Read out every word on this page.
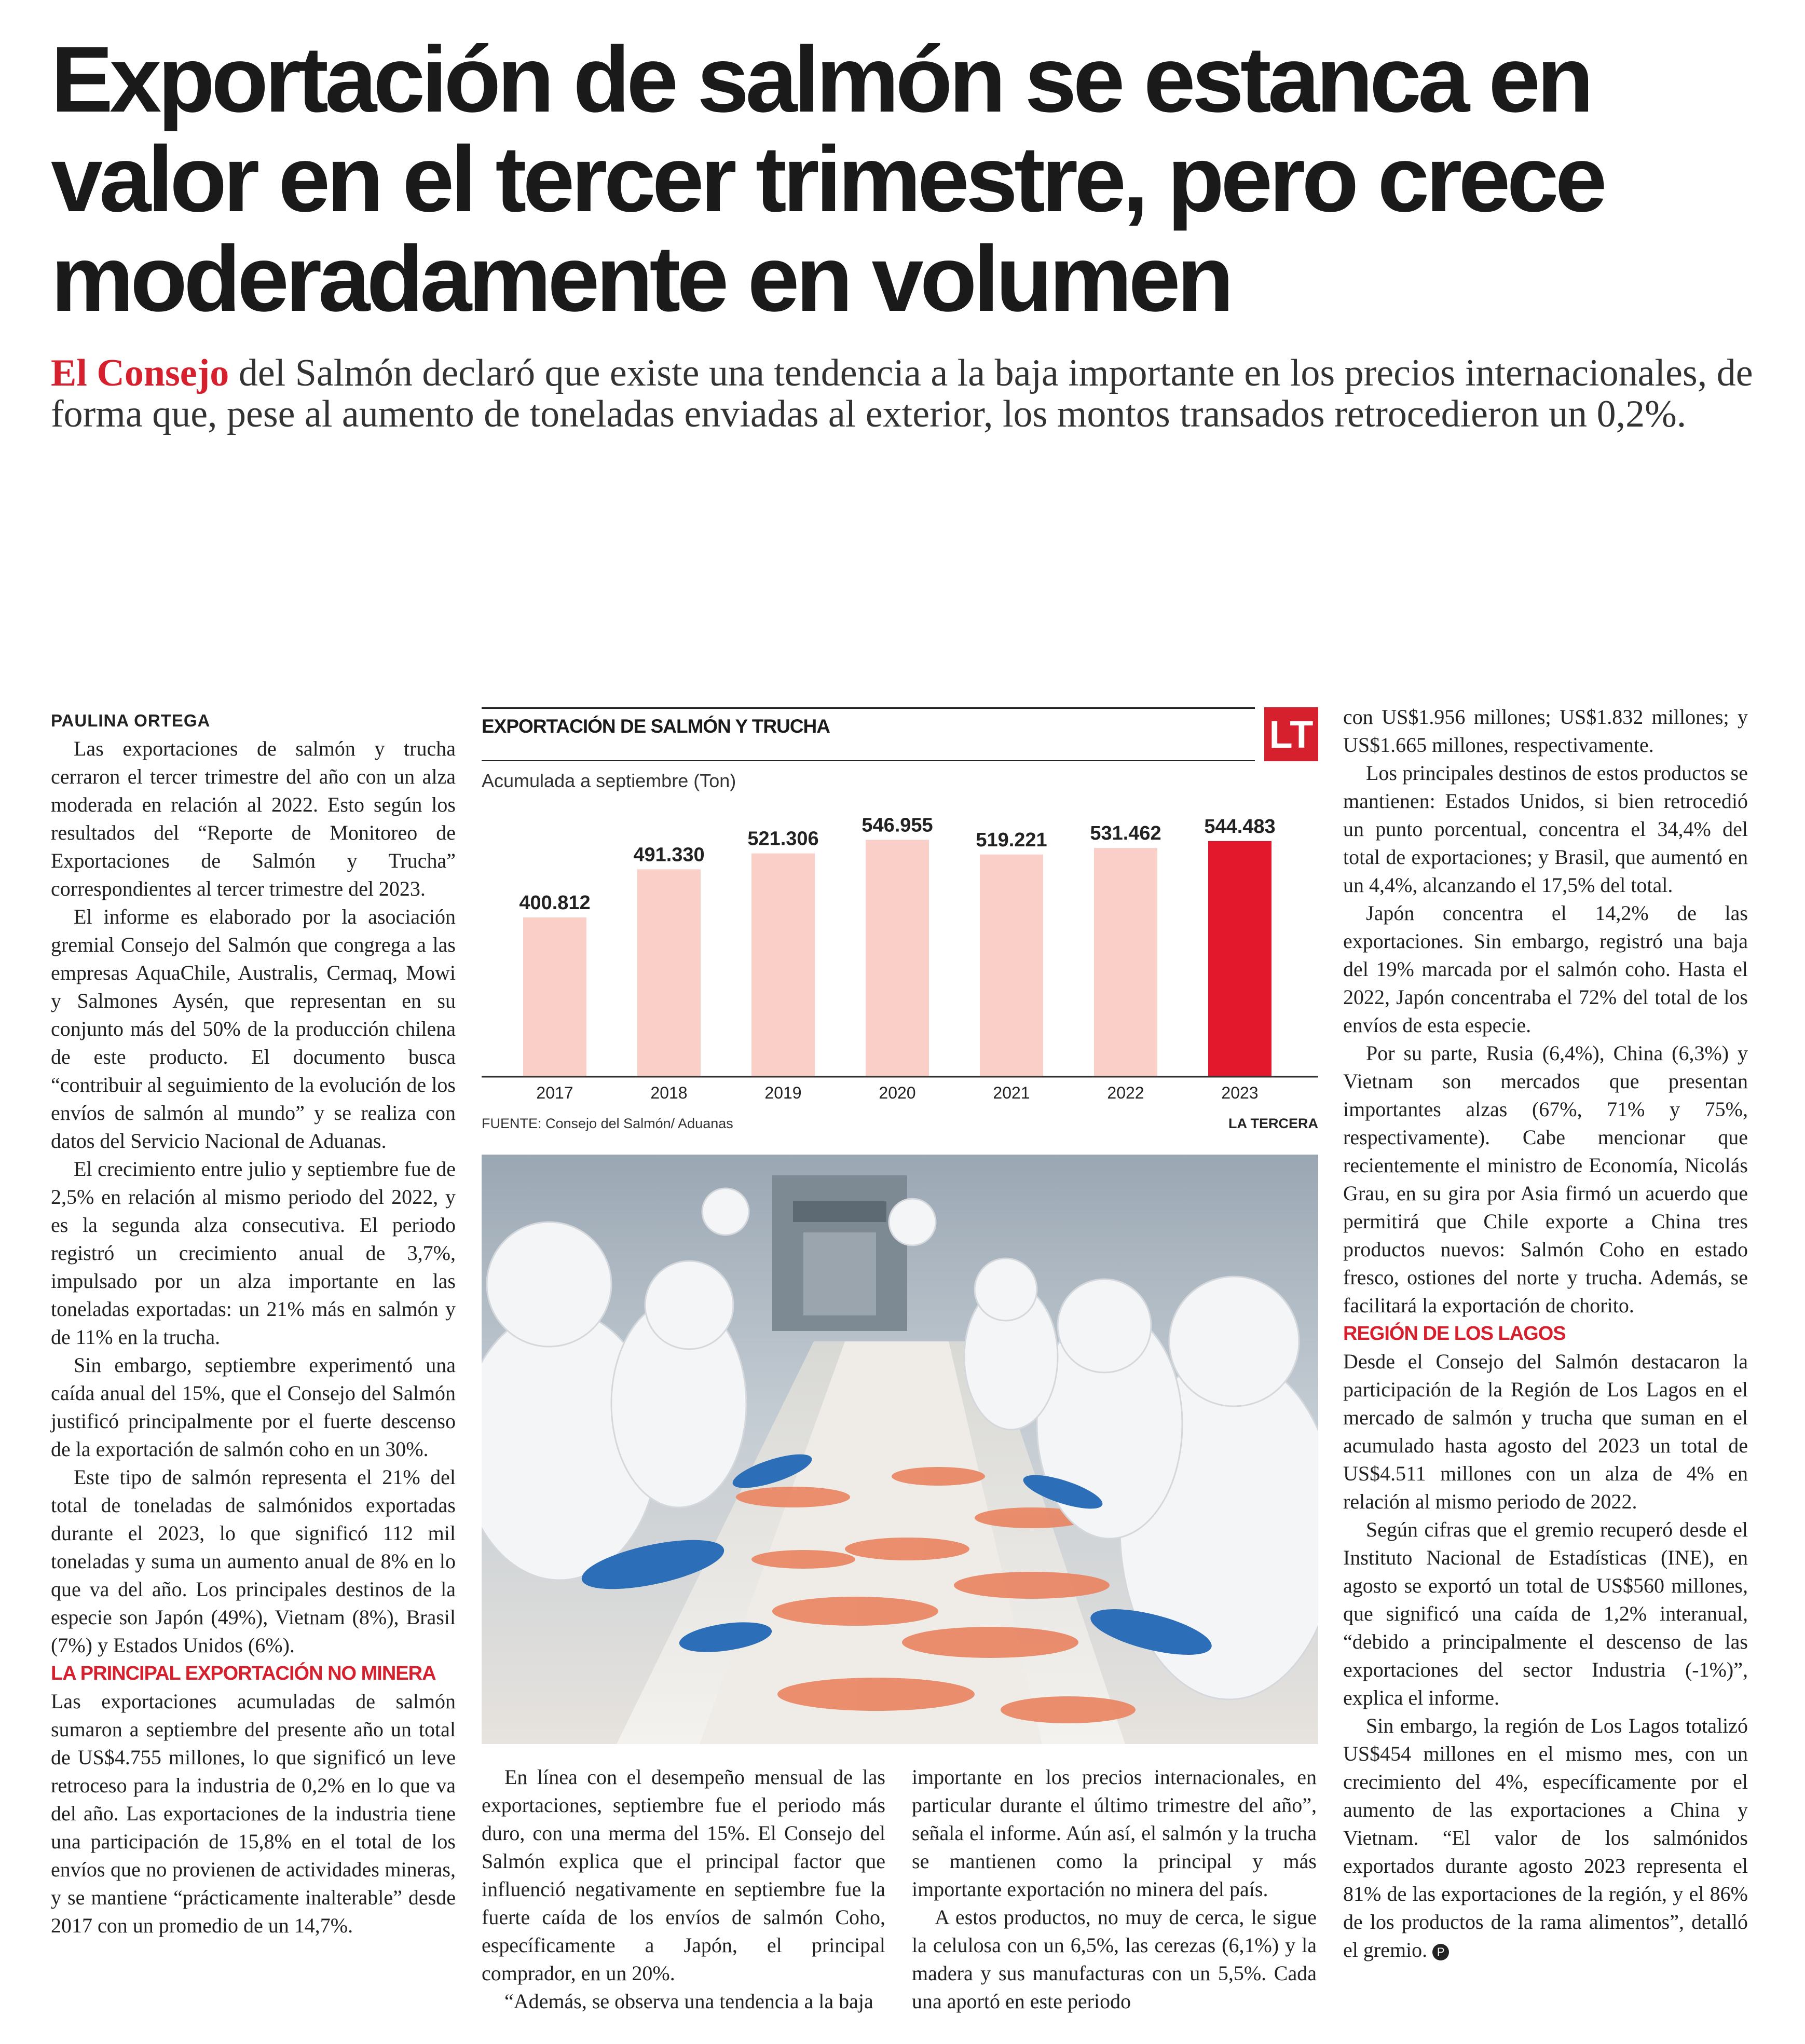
Exportación de salmón se estanca en valor en el tercer trimestre, pero crece moderadamente en volumen

El Consejo del Salmón declaró que existe una tendencia a la baja importante en los precios internacionales, de forma que, pese al aumento de toneladas enviadas al exterior, los montos transados retrocedieron un 0,2%.

PAULINA ORTEGA

Las exportaciones de salmón y trucha cerraron el tercer trimestre del año con un alza moderada en relación al 2022. Esto según los resultados del “Reporte de Monitoreo de Exportaciones de Salmón y Trucha” correspondientes al tercer trimestre del 2023.

El informe es elaborado por la asociación gremial Consejo del Salmón que congrega a las empresas AquaChile, Australis, Cermaq, Mowi y Salmones Aysén, que representan en su conjunto más del 50% de la producción chilena de este producto. El documento busca “contribuir al seguimiento de la evolución de los envíos de salmón al mundo” y se realiza con datos del Servicio Nacional de Aduanas.

El crecimiento entre julio y septiembre fue de 2,5% en relación al mismo periodo del 2022, y es la segunda alza consecutiva. El periodo registró un crecimiento anual de 3,7%, impulsado por un alza importante en las toneladas exportadas: un 21% más en salmón y de 11% en la trucha.

Sin embargo, septiembre experimentó una caída anual del 15%, que el Consejo del Salmón justificó principalmente por el fuerte descenso de la exportación de salmón coho en un 30%.

Este tipo de salmón representa el 21% del total de toneladas de salmónidos exportadas durante el 2023, lo que significó 112 mil toneladas y suma un aumento anual de 8% en lo que va del año. Los principales destinos de la especie son Japón (49%), Vietnam (8%), Brasil (7%) y Estados Unidos (6%).

LA PRINCIPAL EXPORTACIÓN NO MINERA

Las exportaciones acumuladas de salmón sumaron a septiembre del presente año un total de US$4.755 millones, lo que significó un leve retroceso para la industria de 0,2% en lo que va del año. Las exportaciones de la industria tiene una participación de 15,8% en el total de los envíos que no provienen de actividades mineras, y se mantiene “prácticamente inalterable” desde 2017 con un promedio de un 14,7%.

EXPORTACIÓN DE SALMÓN Y TRUCHA	LT
Acumulada a septiembre (Ton)
400.812
2017
491.330
2018
521.306
2019
546.955
2020
519.221
2021
531.462
2022
544.483
2023

FUENTE: Consejo del Salmón/ Aduanas	LA TERCERA

En línea con el desempeño mensual de las exportaciones, septiembre fue el periodo más duro, con una merma del 15%. El Consejo del Salmón explica que el principal factor que influenció negativamente en septiembre fue la fuerte caída de los envíos de salmón Coho, específicamente a Japón, el principal comprador, en un 20%.

“Además, se observa una tendencia a la baja

importante en los precios internacionales, en particular durante el último trimestre del año”, señala el informe. Aún así, el salmón y la trucha se mantienen como la principal y más importante exportación no minera del país.

A estos productos, no muy de cerca, le sigue la celulosa con un 6,5%, las cerezas (6,1%) y la madera y sus manufacturas con un 5,5%. Cada una aportó en este periodo

con US$1.956 millones; US$1.832 millones; y US$1.665 millones, respectivamente.

Los principales destinos de estos productos se mantienen: Estados Unidos, si bien retrocedió un punto porcentual, concentra el 34,4% del total de exportaciones; y Brasil, que aumentó en un 4,4%, alcanzando el 17,5% del total.

Japón concentra el 14,2% de las exportaciones. Sin embargo, registró una baja del 19% marcada por el salmón coho. Hasta el 2022, Japón concentraba el 72% del total de los envíos de esta especie.

Por su parte, Rusia (6,4%), China (6,3%) y Vietnam son mercados que presentan importantes alzas (67%, 71% y 75%, respectivamente). Cabe mencionar que recientemente el ministro de Economía, Nicolás Grau, en su gira por Asia firmó un acuerdo que permitirá que Chile exporte a China tres productos nuevos: Salmón Coho en estado fresco, ostiones del norte y trucha. Además, se facilitará la exportación de chorito.

REGIÓN DE LOS LAGOS

Desde el Consejo del Salmón destacaron la participación de la Región de Los Lagos en el mercado de salmón y trucha que suman en el acumulado hasta agosto del 2023 un total de US$4.511 millones con un alza de 4% en relación al mismo periodo de 2022.

Según cifras que el gremio recuperó desde el Instituto Nacional de Estadísticas (INE), en agosto se exportó un total de US$560 millones, que significó una caída de 1,2% interanual, “debido a principalmente el descenso de las exportaciones del sector Industria (-1%)”, explica el informe.

Sin embargo, la región de Los Lagos totalizó US$454 millones en el mismo mes, con un crecimiento del 4%, específicamente por el aumento de las exportaciones a China y Vietnam. “El valor de los salmónidos exportados durante agosto 2023 representa el 81% de las exportaciones de la región, y el 86% de los productos de la rama alimentos”, detalló el gremio. P
